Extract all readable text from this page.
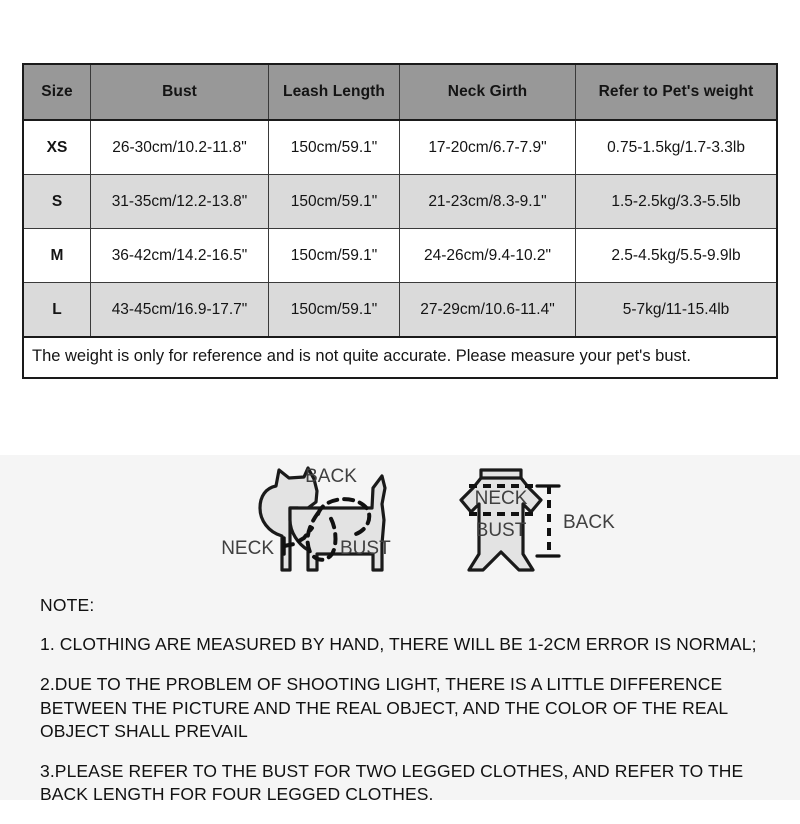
Size	Bust	Leash Length	Neck Girth	Refer to Pet's weight
XS	26-30cm/10.2-11.8"	150cm/59.1"	17-20cm/6.7-7.9"	0.75-1.5kg/1.7-3.3lb
S	31-35cm/12.2-13.8"	150cm/59.1"	21-23cm/8.3-9.1"	1.5-2.5kg/3.3-5.5lb
M	36-42cm/14.2-16.5"	150cm/59.1"	24-26cm/9.4-10.2"	2.5-4.5kg/5.5-9.9lb
L	43-45cm/16.9-17.7"	150cm/59.1"	27-29cm/10.6-11.4"	5-7kg/11-15.4lb
The weight is only for reference and is not quite accurate. Please measure your pet's bust.				
BACK
BUST
NECK
NECK
BUST BACK
NOTE:
1. CLOTHING ARE MEASURED BY HAND, THERE WILL BE 1-2CM ERROR IS NORMAL;
2.DUE TO THE PROBLEM OF SHOOTING LIGHT, THERE IS A LITTLE DIFFERENCE BETWEEN THE PICTURE AND THE REAL OBJECT, AND THE COLOR OF THE REAL OBJECT SHALL PREVAIL
3.PLEASE REFER TO THE BUST FOR TWO LEGGED CLOTHES, AND REFER TO THE BACK LENGTH FOR FOUR LEGGED CLOTHES.
